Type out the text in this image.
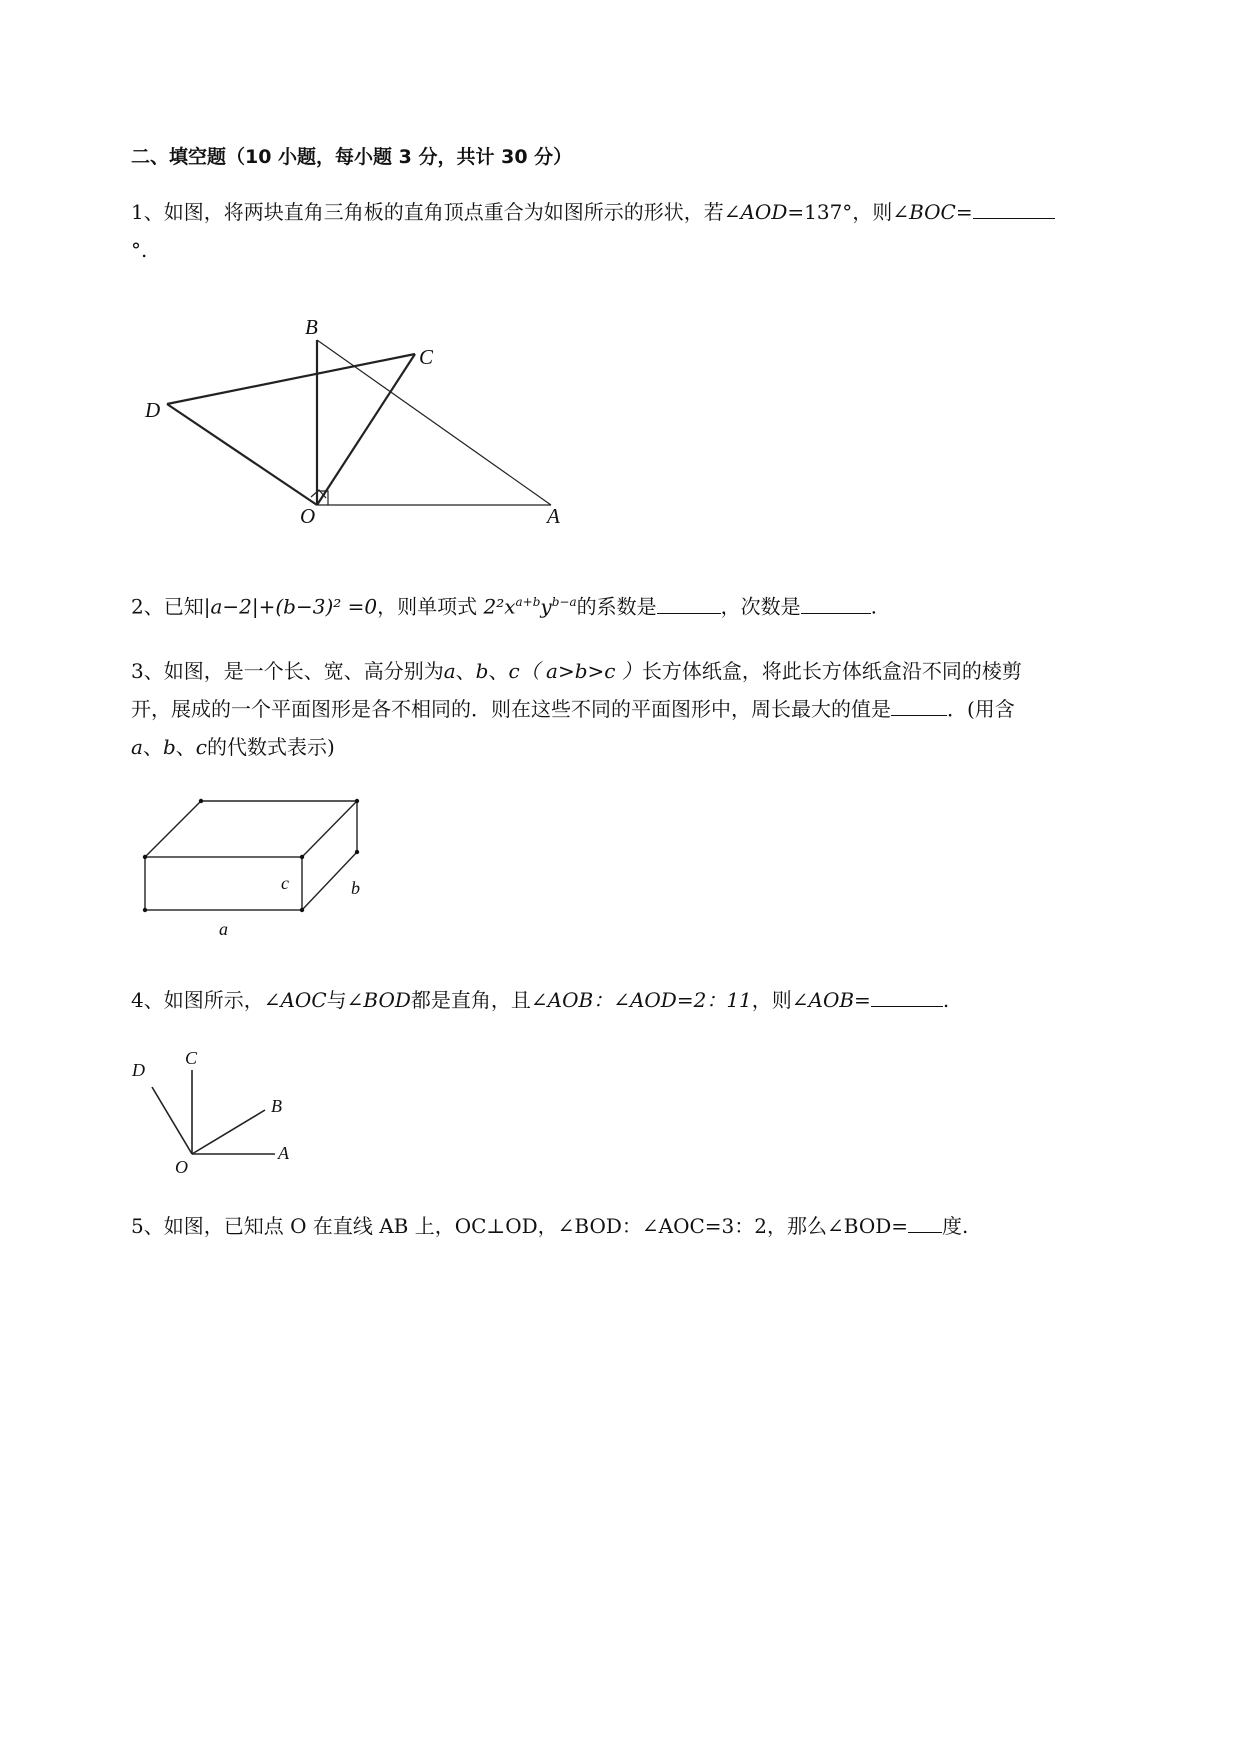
二、填空题（10 小题，每小题 3 分，共计 30 分）
1、如图，将两块直角三角板的直角顶点重合为如图所示的形状，若∠AOD=137°，则∠BOC=
°.
B
C
D
O	A
2、已知|a−2|+(b−3)² =0，则单项式 $2^2x^{a+b}y^{b-a}$的系数是	，次数是	.
3、如图，是一个长、宽、高分别为a、b、c（ a>b>c ）长方体纸盒，将此长方体纸盒沿不同的棱剪
开，展成的一个平面图形是各不相同的．则在这些不同的平面图形中，周长最大的值是	．(用含
a、b、c的代数式表示)
c	b
a
4、如图所示，∠AOC与∠BOD都是直角，且∠AOB：∠AOD=2：11，则∠AOB=	.
D
C
B
A
O
5、如图，已知点 O 在直线 AB 上，OC⊥OD，∠BOD：∠AOC=3：2，那么∠BOD= 度.
